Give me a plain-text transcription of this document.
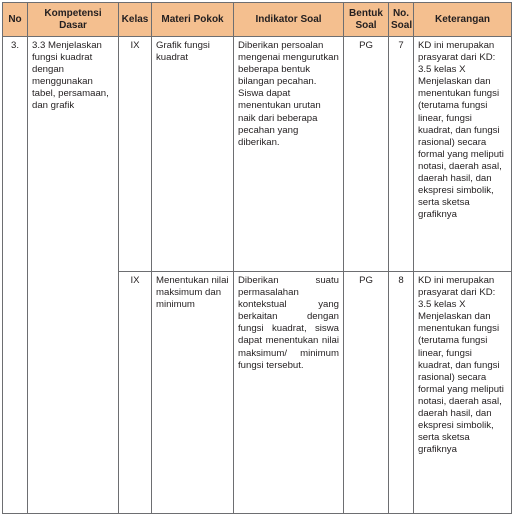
No	Kompetensi Dasar	Kelas	Materi Pokok	Indikator Soal	Bentuk Soal	No. Soal	Keterangan
3.	3.3 Menjelaskan fungsi kuadrat dengan menggunakan tabel, persamaan, dan grafik	IX	Grafik fungsi kuadrat	Diberikan persoalan mengenai mengurutkan beberapa bentuk bilangan pecahan. Siswa dapat menentukan urutan naik dari beberapa pecahan yang diberikan.	PG	7	KD ini merupakan prasyarat dari KD: 3.5 kelas X Menjelaskan dan menentukan fungsi (terutama fungsi linear, fungsi kuadrat, dan fungsi rasional) secara formal yang meliputi notasi, daerah asal, daerah hasil, dan ekspresi simbolik, serta sketsa grafiknya
		IX	Menentukan nilai maksimum dan minimum	Diberikan suatu permasalahan kontekstual yang berkaitan dengan fungsi kuadrat, siswa dapat menentukan nilai maksimum/ minimum fungsi tersebut.	PG	8	KD ini merupakan prasyarat dari KD: 3.5 kelas X Menjelaskan dan menentukan fungsi (terutama fungsi linear, fungsi kuadrat, dan fungsi rasional) secara formal yang meliputi notasi, daerah asal, daerah hasil, dan ekspresi simbolik, serta sketsa grafiknya
